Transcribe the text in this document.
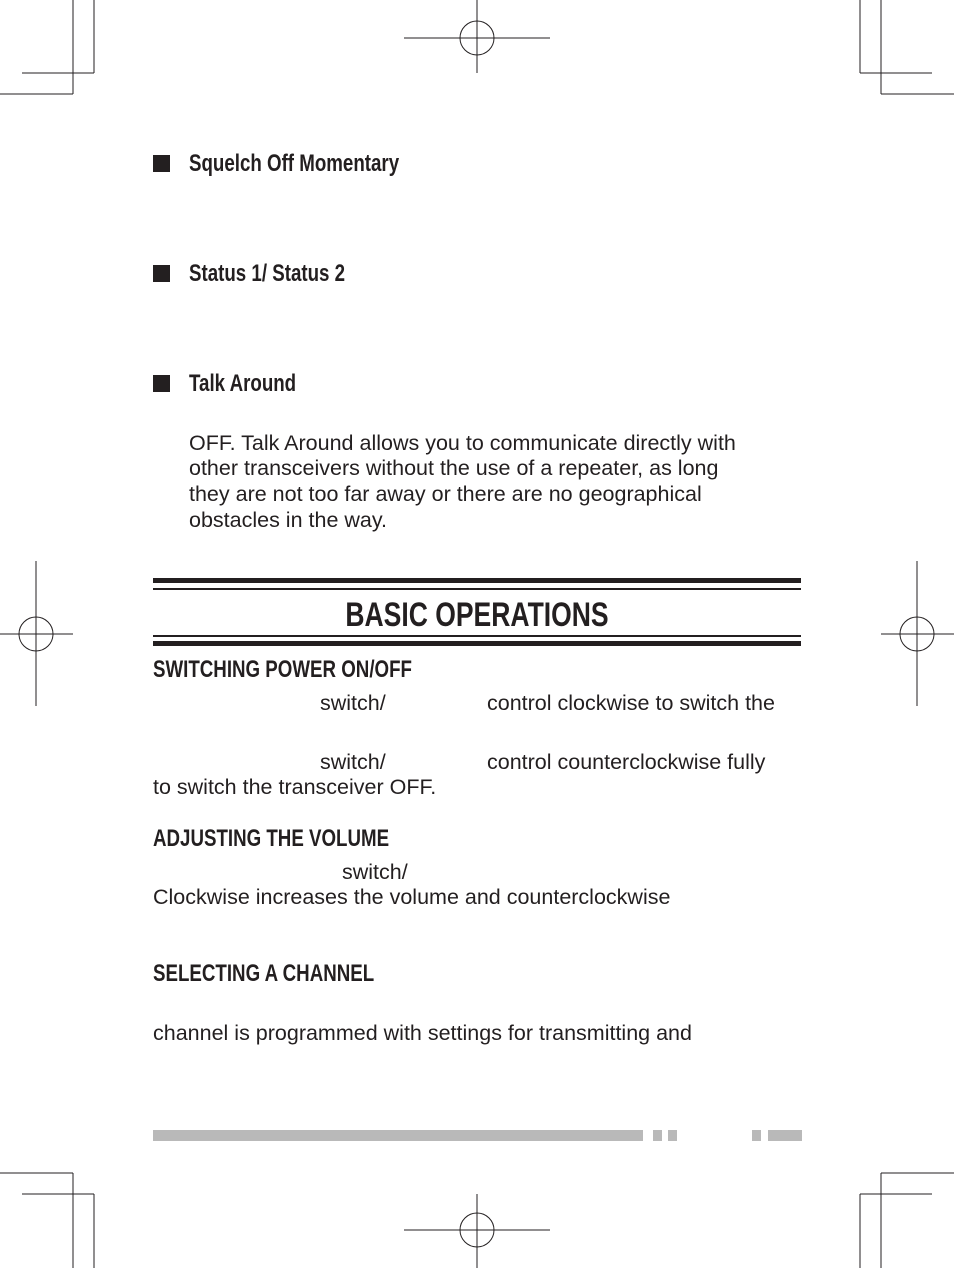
Squelch Off Momentary
Status 1/ Status 2
Talk Around
OFF. Talk Around allows you to communicate directly with
other transceivers without the use of a repeater, as long
they are not too far away or there are no geographical
obstacles in the way.
BASIC OPERATIONS
SWITCHING POWER ON/OFF
switch/	control clockwise to switch the
switch/	control counterclockwise fully
to switch the transceiver OFF.
ADJUSTING THE VOLUME
switch/
Clockwise increases the volume and counterclockwise
SELECTING A CHANNEL
channel is programmed with settings for transmitting and
